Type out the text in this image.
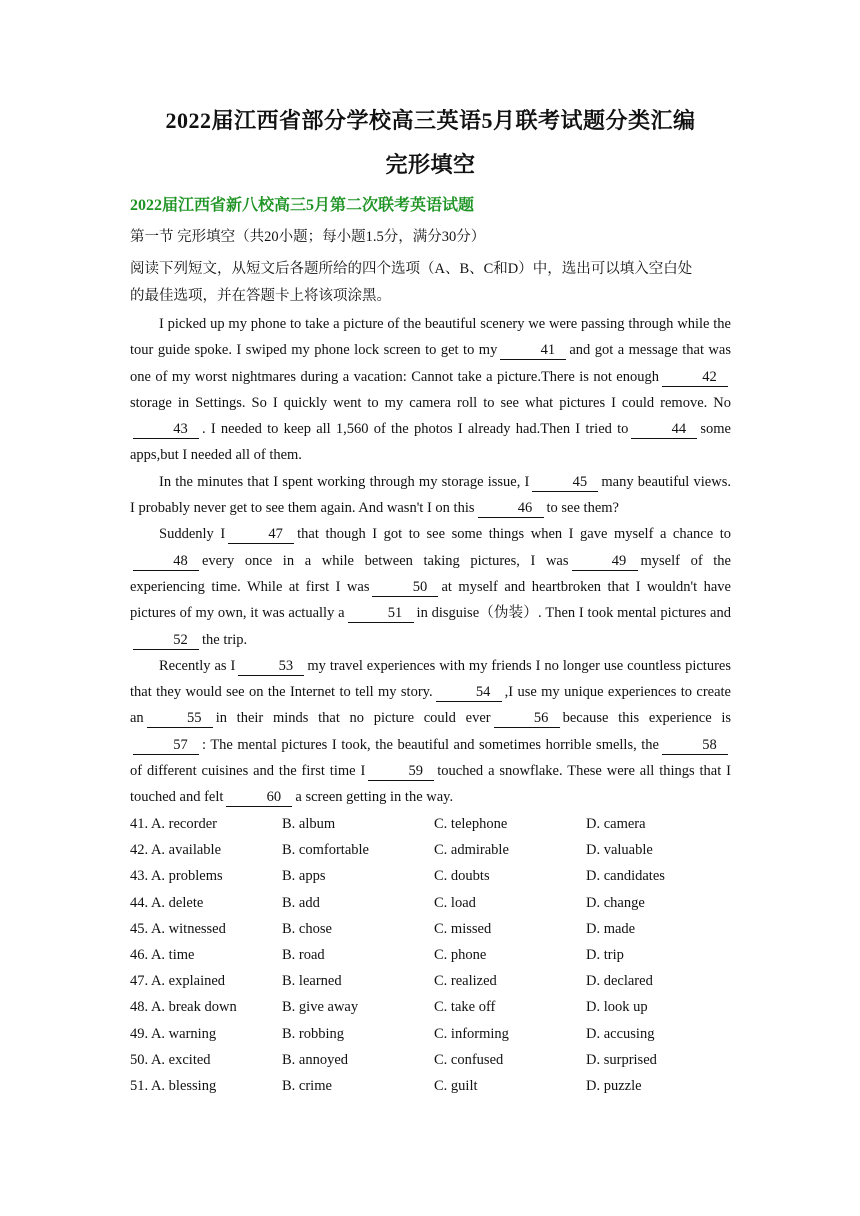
2022届江西省部分学校高三英语5月联考试题分类汇编
完形填空
2022届江西省新八校高三5月第二次联考英语试题
第一节 完形填空（共20小题；每小题1.5分，满分30分）
阅读下列短文，从短文后各题所给的四个选项（A、B、C和D）中，选出可以填入空白处
的最佳选项，并在答题卡上将该项涂黑。

I picked up my phone to take a picture of the beautiful scenery we were passing through while the tour guide spoke. I swiped my phone lock screen to get to my	41 and got a message that was one of my worst nightmares during a vacation: Cannot take a picture.There is not enough	42storage in Settings. So I quickly went to my camera roll to see what pictures I could remove. No43 . I needed to keep all 1,560 of the photos I already had.Then I tried to	44 some apps,but I needed all of them.

In the minutes that I spent working through my storage issue, I	45 many beautiful views. I probably never get to see them again. And wasn't I on this	46 to see them?

Suddenly I	47 that though I got to see some things when I gave myself a chance to48 every once in a while between taking pictures, I was	49 myself of the experiencing time. While at first I was	50 at myself and heartbroken that I wouldn't have pictures of my own, it was actually a	51 in disguise（伪装）. Then I took mental pictures and52 the trip.

Recently as I	53 my travel experiences with my friends I no longer use countless pictures that they would see on the Internet to tell my story.	54 ,I use my unique experiences to create an	55 in their minds that no picture could ever	56 because this experience is57 : The mental pictures I took, the beautiful and sometimes horrible smells, the	58of different cuisines and the first time I	59 touched a snowflake. These were all things that I touched and felt	60 a screen getting in the way.

41. A. recorder	B. album	C. telephone	D. camera
42. A. available	B. comfortable	C. admirable	D. valuable
43. A. problems	B. apps	C. doubts	D. candidates
44. A. delete	B. add	C. load	D. change
45. A. witnessed	B. chose	C. missed	D. made
46. A. time	B. road	C. phone	D. trip
47. A. explained	B. learned	C. realized	D. declared
48. A. break down	B. give away	C. take off	D. look up
49. A. warning	B. robbing	C. informing	D. accusing
50. A. excited	B. annoyed	C. confused	D. surprised
51. A. blessing	B. crime	C. guilt	D. puzzle
